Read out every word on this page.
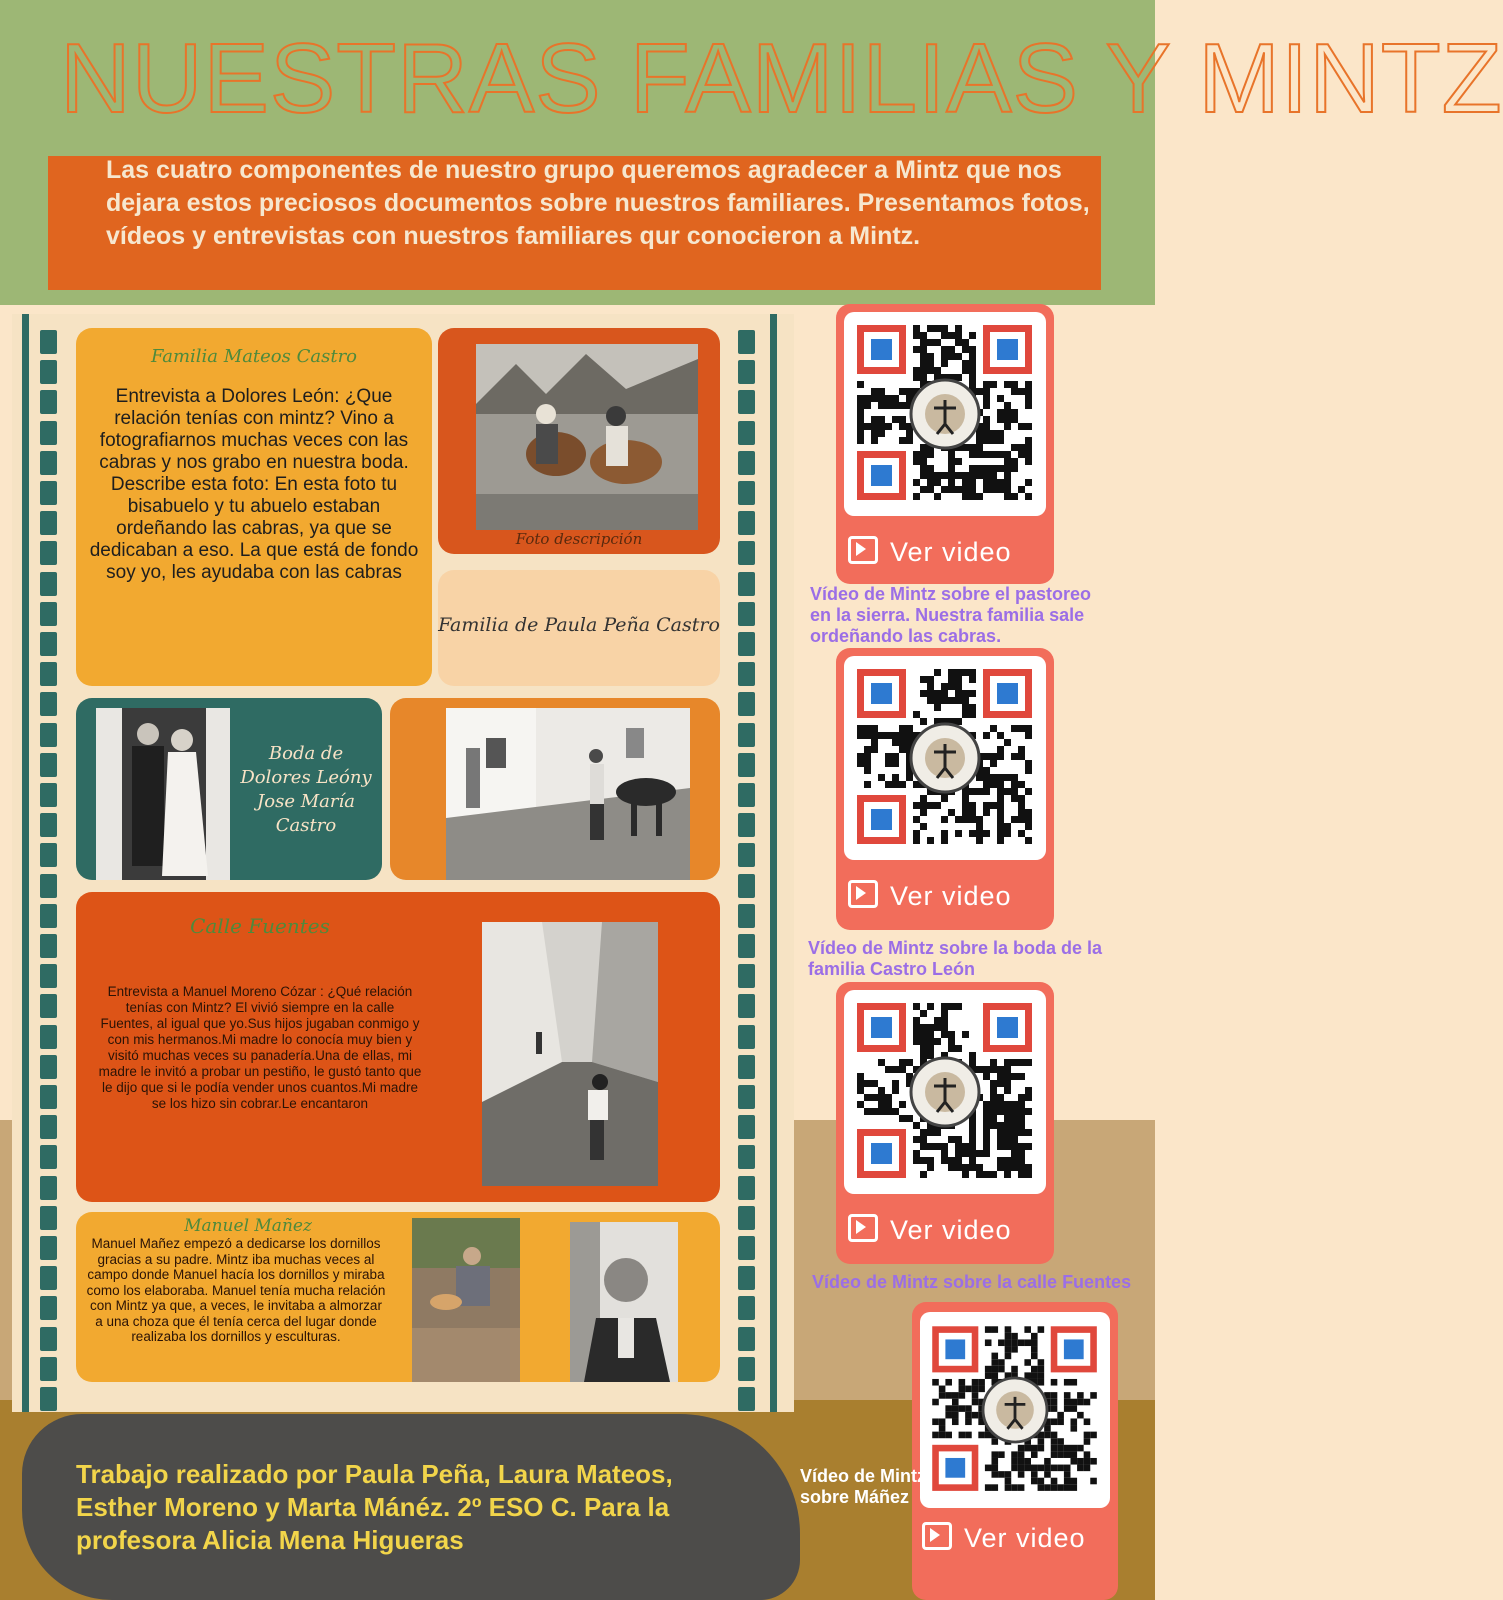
NUESTRAS FAMILIAS Y MINTZ
Las cuatro componentes de nuestro grupo queremos agradecer a Mintz que nos dejara estos preciosos documentos sobre nuestros familiares. Presentamos fotos, vídeos y entrevistas con nuestros familiares qur conocieron a Mintz.
Familia Mateos Castro
Entrevista a Dolores León: ¿Que relación tenías con mintz? Vino a fotografiarnos muchas veces con las cabras y nos grabo en nuestra boda. Describe esta foto: En esta foto tu bisabuelo y tu abuelo estaban ordeñando las cabras, ya que se dedicaban a eso. La que está de fondo soy yo, les ayudaba con las cabras
Foto descripción
Familia de Paula Peña Castro
Boda de Dolores Leóny Jose María Castro
Calle Fuentes
Entrevista a Manuel Moreno Cózar : ¿Qué relación tenías con Mintz? El vivió siempre en la calle Fuentes, al igual que yo.Sus hijos jugaban conmigo y con mis hermanos.Mi madre lo conocía muy bien y visitó muchas veces su panadería.Una de ellas, mi madre le invitó a probar un pestiño, le gustó tanto que le dijo que si le podía vender unos cuantos.Mi madre se los hizo sin cobrar.Le encantaron
Manuel Mañez
Manuel Mañez empezó a dedicarse los dornillos gracias a su padre. Mintz iba muchas veces al campo donde Manuel hacía los dornillos y miraba como los elaboraba. Manuel tenía mucha relación con Mintz ya que, a veces, le invitaba a almorzar a una choza que él tenía cerca del lugar donde realizaba los dornillos y esculturas.
Ver video
Vídeo de Mintz sobre el pastoreo en la sierra. Nuestra familia sale ordeñando las cabras.
Ver video
Vídeo de Mintz sobre la boda de la familia Castro León
Ver video
Vídeo de Mintz sobre la calle Fuentes
Ver video
Trabajo realizado por Paula Peña, Laura Mateos, Esther Moreno y Marta Mánéz. 2º ESO C. Para la profesora Alicia Mena Higueras
Vídeo de Mintz sobre Máñez
